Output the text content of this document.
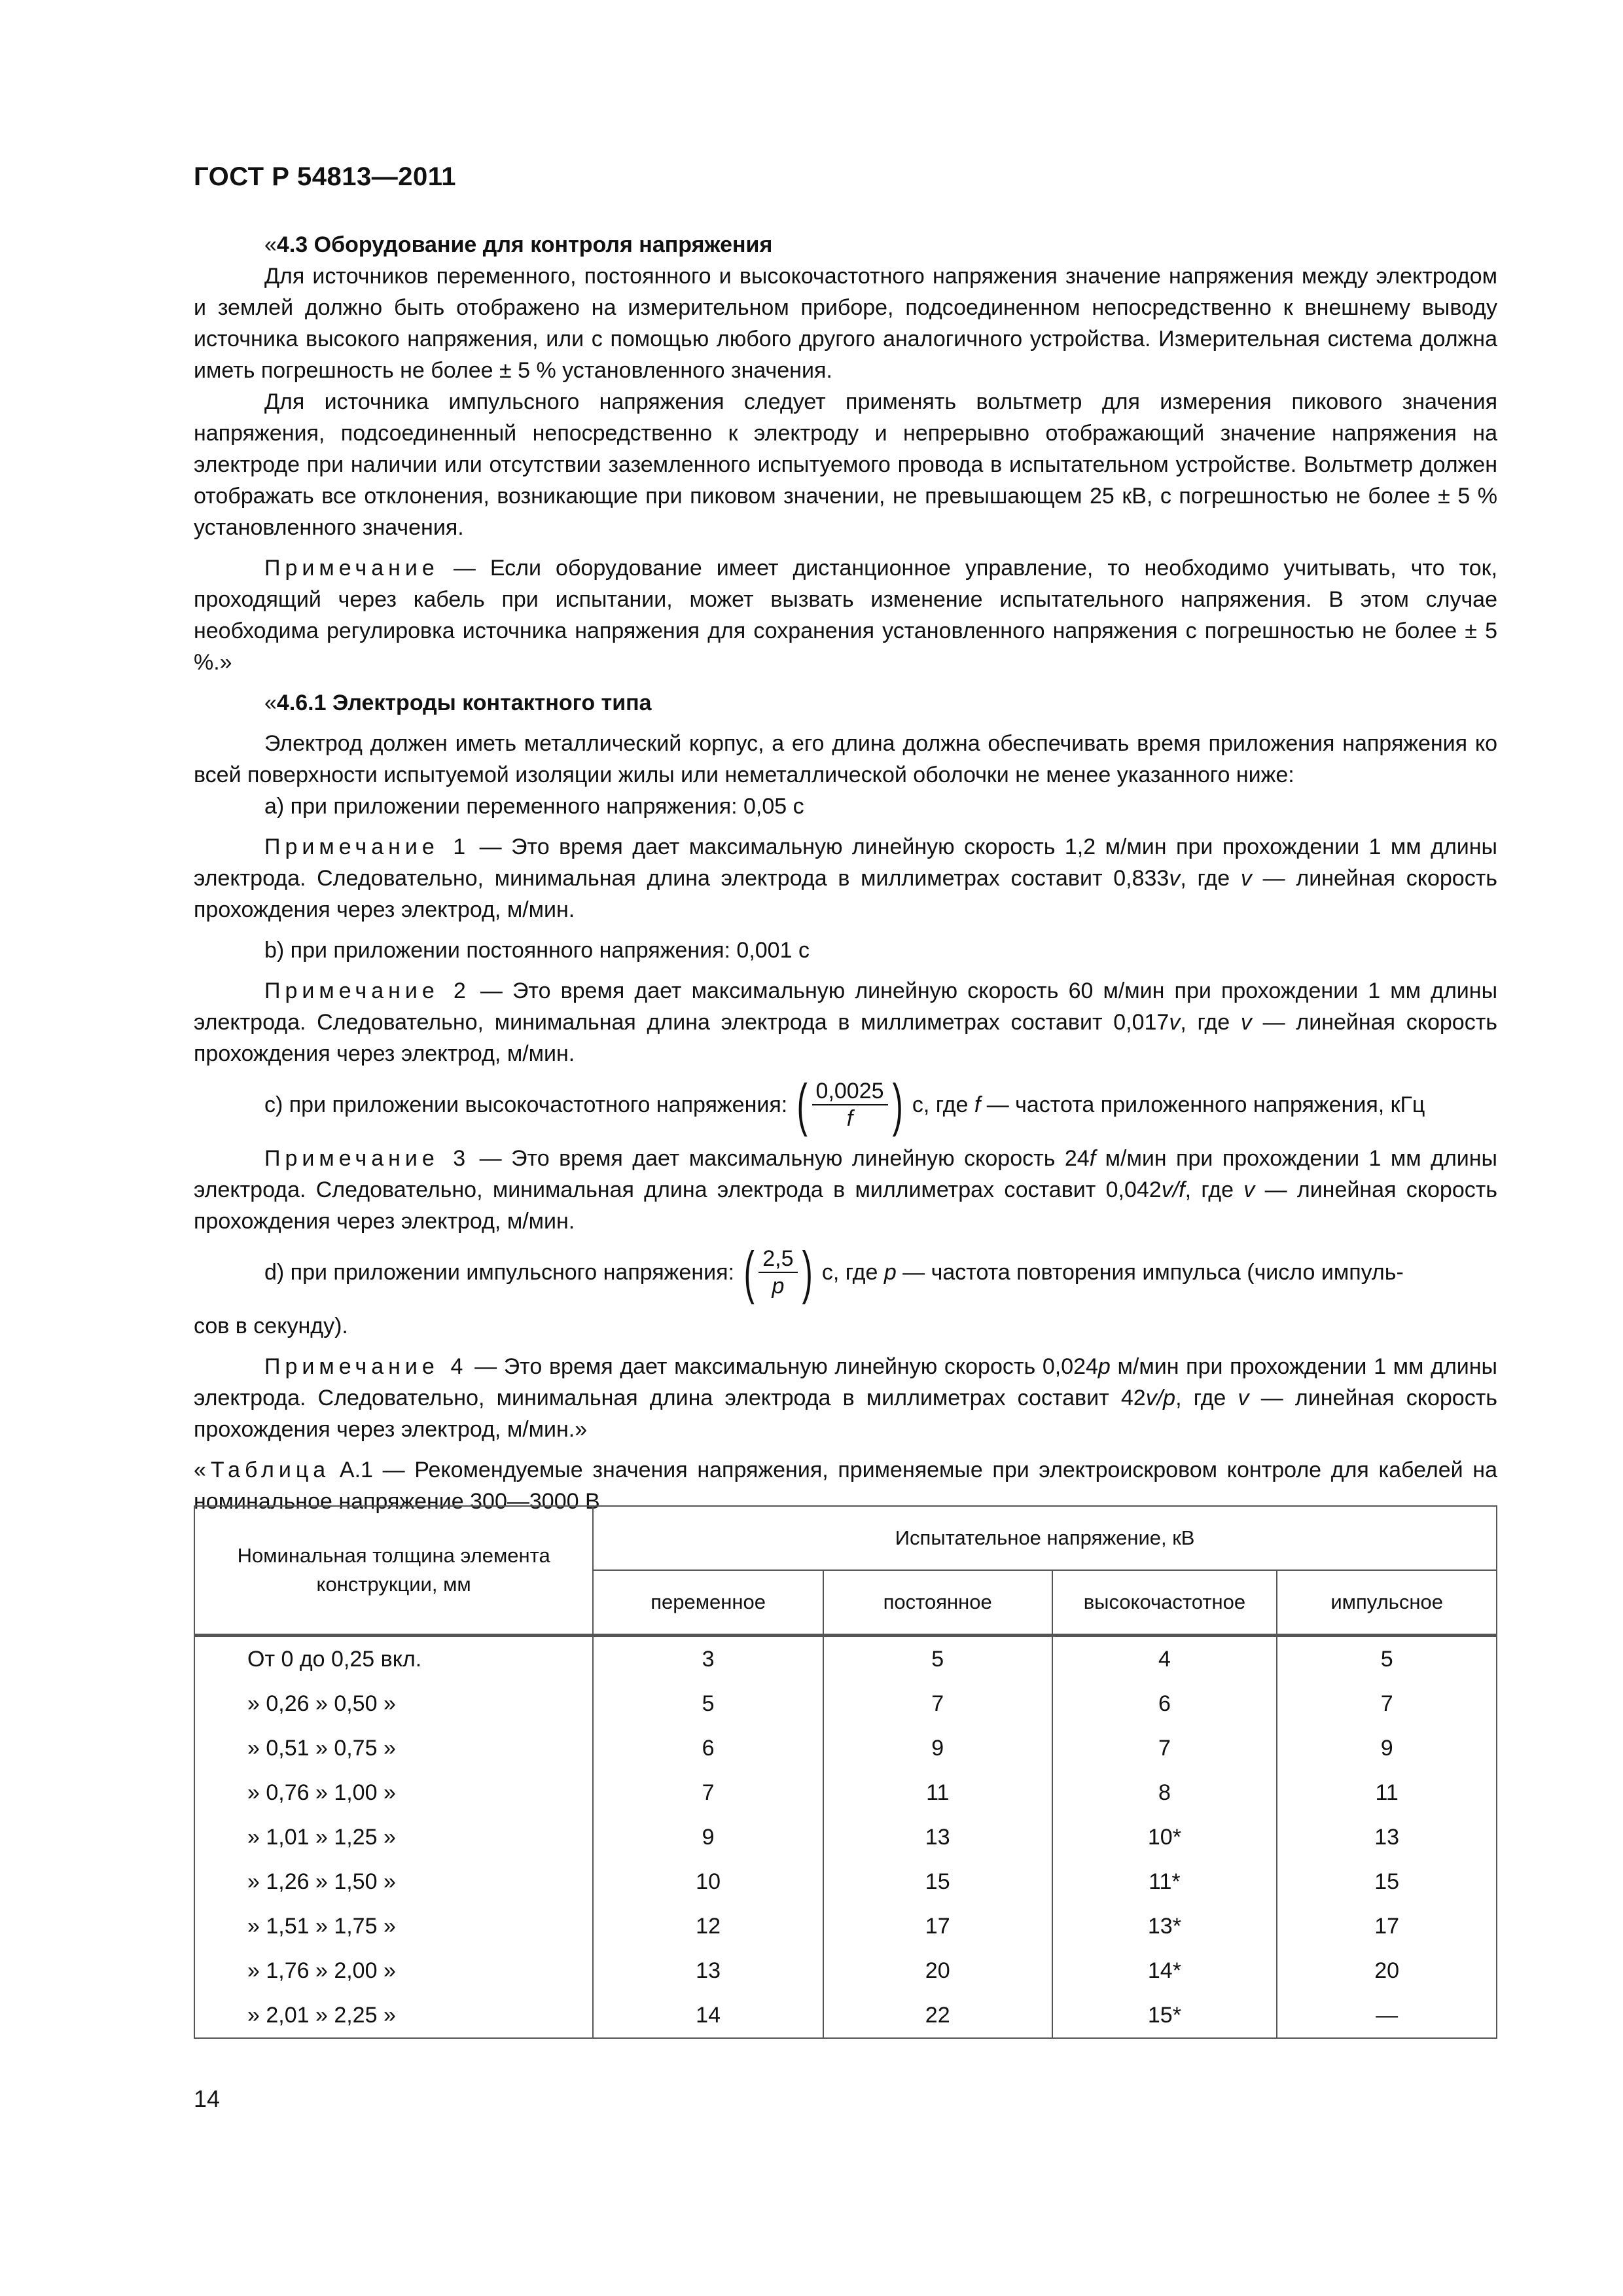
ГОСТ Р 54813—2011

«4.3 Оборудование для контроля напряжения

Для источников переменного, постоянного и высокочастотного напряжения значение напряжения между электродом и землей должно быть отображено на измерительном приборе, подсоединенном непосредственно к внешнему выводу источника высокого напряжения, или с помощью любого другого аналогичного устройства. Измерительная система должна иметь погрешность не более ± 5 % установленного значения.

Для источника импульсного напряжения следует применять вольтметр для измерения пикового значения напряжения, подсоединенный непосредственно к электроду и непрерывно отображающий значение напряжения на электроде при наличии или отсутствии заземленного испытуемого провода в испытательном устройстве. Вольтметр должен отображать все отклонения, возникающие при пиковом значении, не превышающем 25 кВ, с погрешностью не более ± 5 % установленного значения.

Примечание — Если оборудование имеет дистанционное управление, то необходимо учитывать, что ток, проходящий через кабель при испытании, может вызвать изменение испытательного напряжения. В этом случае необходима регулировка источника напряжения для сохранения установленного напряжения с погрешностью не более ± 5 %.»

«4.6.1 Электроды контактного типа

Электрод должен иметь металлический корпус, а его длина должна обеспечивать время приложения напряжения ко всей поверхности испытуемой изоляции жилы или неметаллической оболочки не менее указанного ниже:

a) при приложении переменного напряжения: 0,05 с

Примечание 1 — Это время дает максимальную линейную скорость 1,2 м/мин при прохождении 1 мм длины электрода. Следовательно, минимальная длина электрода в миллиметрах составит 0,833v, где v — линейная скорость прохождения через электрод, м/мин.

b) при приложении постоянного напряжения: 0,001 с

Примечание 2 — Это время дает максимальную линейную скорость 60 м/мин при прохождении 1 мм длины электрода. Следовательно, минимальная длина электрода в миллиметрах составит 0,017v, где v — линейная скорость прохождения через электрод, м/мин.

c) при приложении высокочастотного напряжения: ( $\frac{0,0025}{f}$ ) с, где f — частота приложенного напряжения, кГц

Примечание 3 — Это время дает максимальную линейную скорость 24f м/мин при прохождении 1 мм длины электрода. Следовательно, минимальная длина электрода в миллиметрах составит 0,042v/f, где v — линейная скорость прохождения через электрод, м/мин.

d) при приложении импульсного напряжения: ( $\frac{2,5}{p}$ ) с, где p — частота повторения импульса (число импуль-

сов в секунду).

Примечание 4 — Это время дает максимальную линейную скорость 0,024p м/мин при прохождении 1 мм длины электрода. Следовательно, минимальная длина электрода в миллиметрах составит 42v/p, где v — линейная скорость прохождения через электрод, м/мин.»

«Таблица А.1 — Рекомендуемые значения напряжения, применяемые при электроискровом контроле для кабелей на номинальное напряжение 300—3000 В

Номинальная толщина элемента конструкции, мм	Испытательное напряжение, кВ			
	переменное	постоянное	высокочастотное	импульсное
От 0 до 0,25 вкл.	3	5	4	5
» 0,26 » 0,50 »	5	7	6	7
» 0,51 » 0,75 »	6	9	7	9
» 0,76 » 1,00 »	7	11	8	11
» 1,01 » 1,25 »	9	13	10*	13
» 1,26 » 1,50 »	10	15	11*	15
» 1,51 » 1,75 »	12	17	13*	17
» 1,76 » 2,00 »	13	20	14*	20
» 2,01 » 2,25 »	14	22	15*	—
14
